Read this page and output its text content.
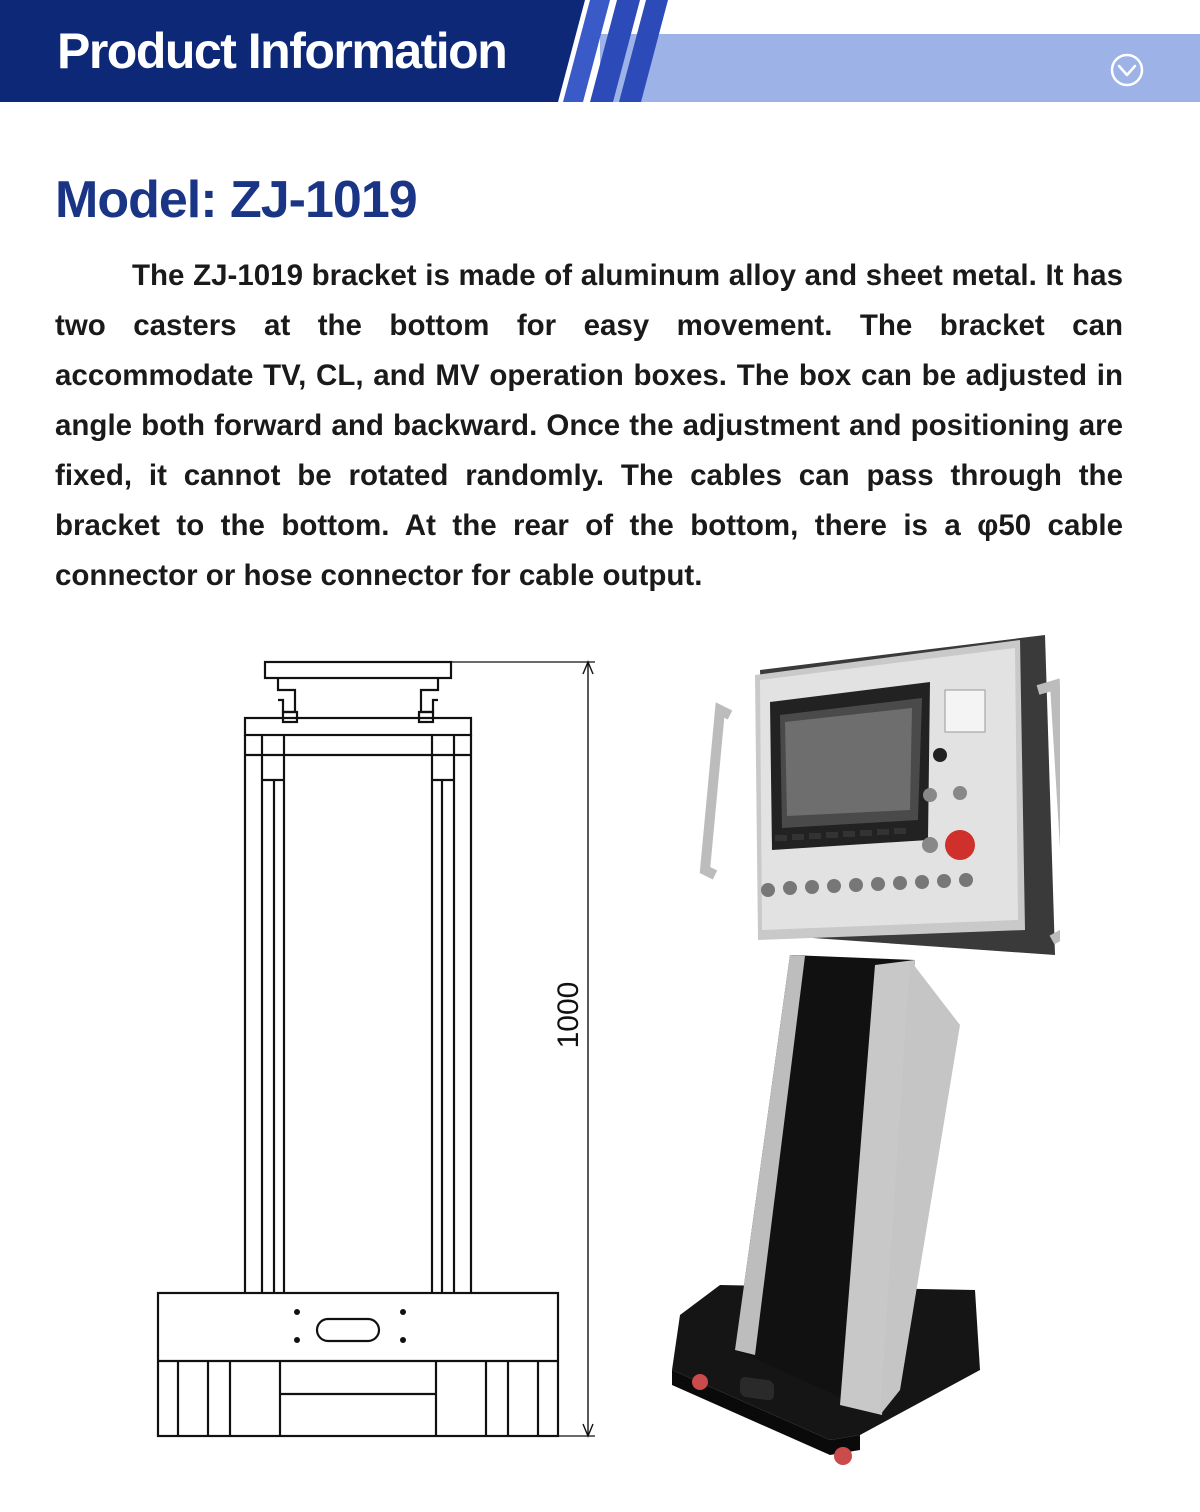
Product Information
Model: ZJ-1019

The ZJ-1019 bracket is made of aluminum alloy and sheet metal. It has two casters at the bottom for easy movement. The bracket can accommodate TV, CL, and MV operation boxes. The box can be adjusted in angle both forward and backward. Once the adjustment and positioning are fixed, it cannot be rotated randomly. The cables can pass through the bracket to the bottom. At the rear of the bottom, there is a φ50 cable connector or hose connector for cable output.

1000
